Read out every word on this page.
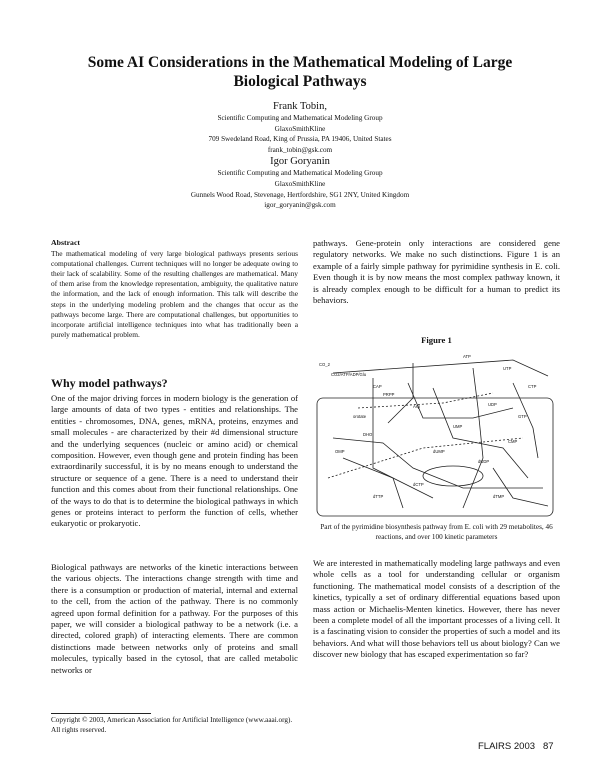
Some AI Considerations in the Mathematical Modeling of Large Biological Pathways
Frank Tobin,
Scientific Computing and Mathematical Modeling Group
GlaxoSmithKline
709 Swedeland Road, King of Prussia, PA 19406, United States
frank_tobin@gsk.com
Igor Goryanin
Scientific Computing and Mathematical Modeling Group
GlaxoSmithKline
Gunnels Wood Road, Stevenage, Hertfordshire, SG1 2NY, United Kingdom
igor_goryanin@gsk.com
Abstract
The mathematical modeling of very large biological pathways presents serious computational challenges. Current techniques will no longer be adequate owing to their lack of scalability. Some of the resulting challenges are mathematical. Many of them arise from the knowledge representation, ambiguity, the qualitative nature the information, and the lack of enough information. This talk will describe the steps in the underlying modeling problem and the changes that occur as the pathways become large. There are computational challenges, but opportunities to incorporate artificial intelligence techniques into what has traditionally been a purely mathematical problem.
Why model pathways?
One of the major driving forces in modern biology is the generation of large amounts of data of two types - entities and relationships. The entities - chromosomes, DNA, genes, mRNA, proteins, enzymes and small molecules - are characterized by their #d dimensional structure and the underlying sequences (nucleic or amino acid) or chemical composition. However, even though gene and protein finding has been extraordinarily successful, it is by no means enough to understand the structure or sequence of a gene. There is a need to understand their function and this comes about from their functional relationships. One of the ways to do that is to determine the biological pathways in which genes or proteins interact to perform the function of cells, whether eukaryotic or prokaryotic.
Biological pathways are networks of the kinetic interactions between the various objects. The interactions change strength with time and there is a consumption or production of material, internal and external to the cell, from the action of the pathway. There is no commonly agreed upon formal definition for a pathway. For the purposes of this paper, we will consider a biological pathway to be a network (i.e. a directed, colored graph) of interacting elements. There are common distinctions made between networks only of proteins and small molecules, typically based in the cytosol, that are called metabolic networks or
Copyright © 2003, American Association for Artificial Intelligence (www.aaai.org). All rights reserved.
pathways. Gene-protein only interactions are considered gene regulatory networks. We make no such distinctions. Figure 1 is an example of a fairly simple pathway for pyrimidine synthesis in E. coli. Even though it is by now means the most complex pathway known, it is already complex enough to be difficult for a human to predict its behaviors.
Figure 1
CO_2
CO2/ATP/ADP/Glu
ATP
UTP
CTP
UDP
GTP
UMP
CMP
dUMP
dUDP
orotate
PRPP
CAP
Asp
DHO
OMP
dCTP
dTTP	dTMP
Part of the pyrimidine biosynthesis pathway from E. coli with 29 metabolites, 46 reactions, and over 100 kinetic parameters
We are interested in mathematically modeling large pathways and even whole cells as a tool for understanding cellular or organism functioning. The mathematical model consists of a description of the kinetics, typically a set of ordinary differential equations based upon mass action or Michaelis-Menten kinetics. However, there has never been a complete model of all the important processes of a living cell. It is a fascinating vision to consider the properties of such a model and its behaviors. And what will those behaviors tell us about biology? Can we discover new biology that has escaped experimentation so far?
FLAIRS 2003   87
